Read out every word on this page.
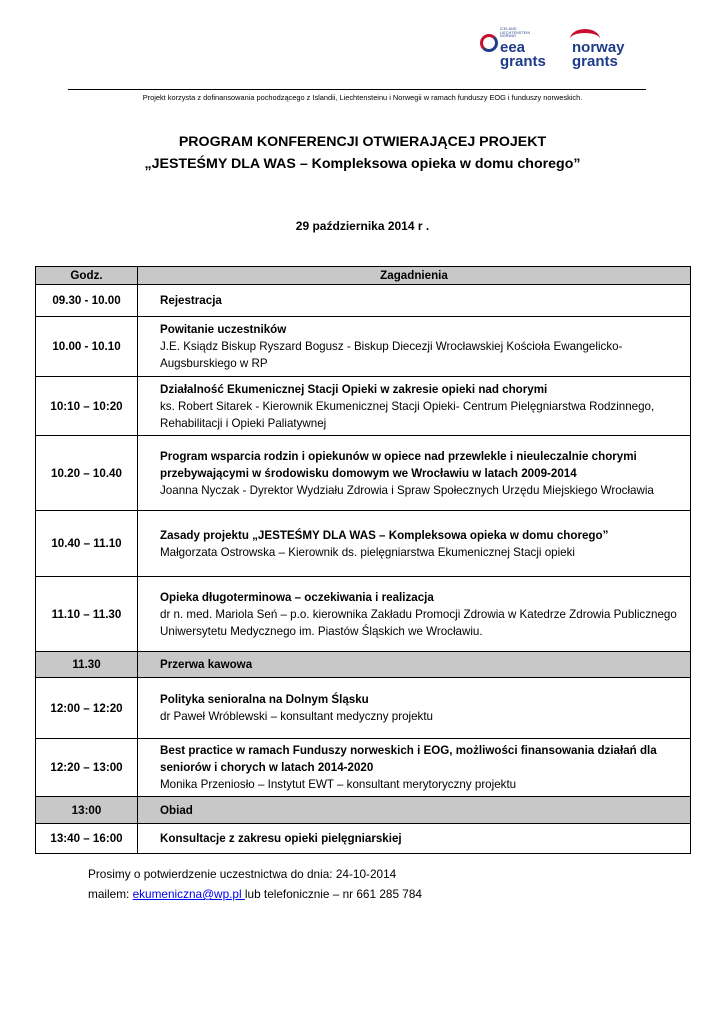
ICELAND LIECHTENSTEIN NORWAY
eea
grants
norway
grants
Projekt korzysta z dofinansowania pochodzącego z Islandii, Liechtensteinu i Norwegii w ramach funduszy EOG i funduszy norweskich.
PROGRAM KONFERENCJI OTWIERAJĄCEJ PROJEKT
„JESTEŚMY DLA WAS – Kompleksowa opieka w domu chorego”
29 października 2014 r .
Godz.	Zagadnienia
09.30 - 10.00	Rejestracja
10.00 - 10.10	Powitanie uczestników
J.E. Ksiądz Biskup Ryszard Bogusz - Biskup Diecezji Wrocławskiej Kościoła Ewangelicko-Augsburskiego w RP

10:10 – 10:20	Działalność Ekumenicznej Stacji Opieki w zakresie opieki nad chorymi
ks. Robert Sitarek - Kierownik Ekumenicznej Stacji Opieki- Centrum Pielęgniarstwa Rodzinnego, Rehabilitacji i Opieki Paliatywnej

10.20 – 10.40	Program wsparcia rodzin i opiekunów w opiece nad przewlekle i nieuleczalnie chorymi przebywającymi w środowisku domowym we Wrocławiu w latach 2009-2014
Joanna Nyczak - Dyrektor Wydziału Zdrowia i Spraw Społecznych Urzędu Miejskiego Wrocławia

10.40 – 11.10	Zasady projektu „JESTEŚMY DLA WAS – Kompleksowa opieka w domu chorego”
Małgorzata Ostrowska – Kierownik ds. pielęgniarstwa Ekumenicznej Stacji opieki

11.10 – 11.30	Opieka długoterminowa – oczekiwania i realizacja
dr n. med. Mariola Seń – p.o. kierownika Zakładu Promocji Zdrowia w Katedrze Zdrowia Publicznego Uniwersytetu Medycznego im. Piastów Śląskich we Wrocławiu.

11.30	Przerwa kawowa
12:00 – 12:20	Polityka senioralna na Dolnym Śląsku
dr Paweł Wróblewski – konsultant medyczny projektu

12:20 – 13:00	Best practice w ramach Funduszy norweskich i EOG, możliwości finansowania działań dla seniorów i chorych w latach 2014-2020
Monika Przeniosło – Instytut EWT – konsultant merytoryczny projektu

13:00	Obiad
13:40 – 16:00	Konsultacje z zakresu opieki pielęgniarskiej
Prosimy o potwierdzenie uczestnictwa do dnia: 24-10-2014
mailem: ekumeniczna@wp.pl lub telefonicznie – nr 661 285 784
